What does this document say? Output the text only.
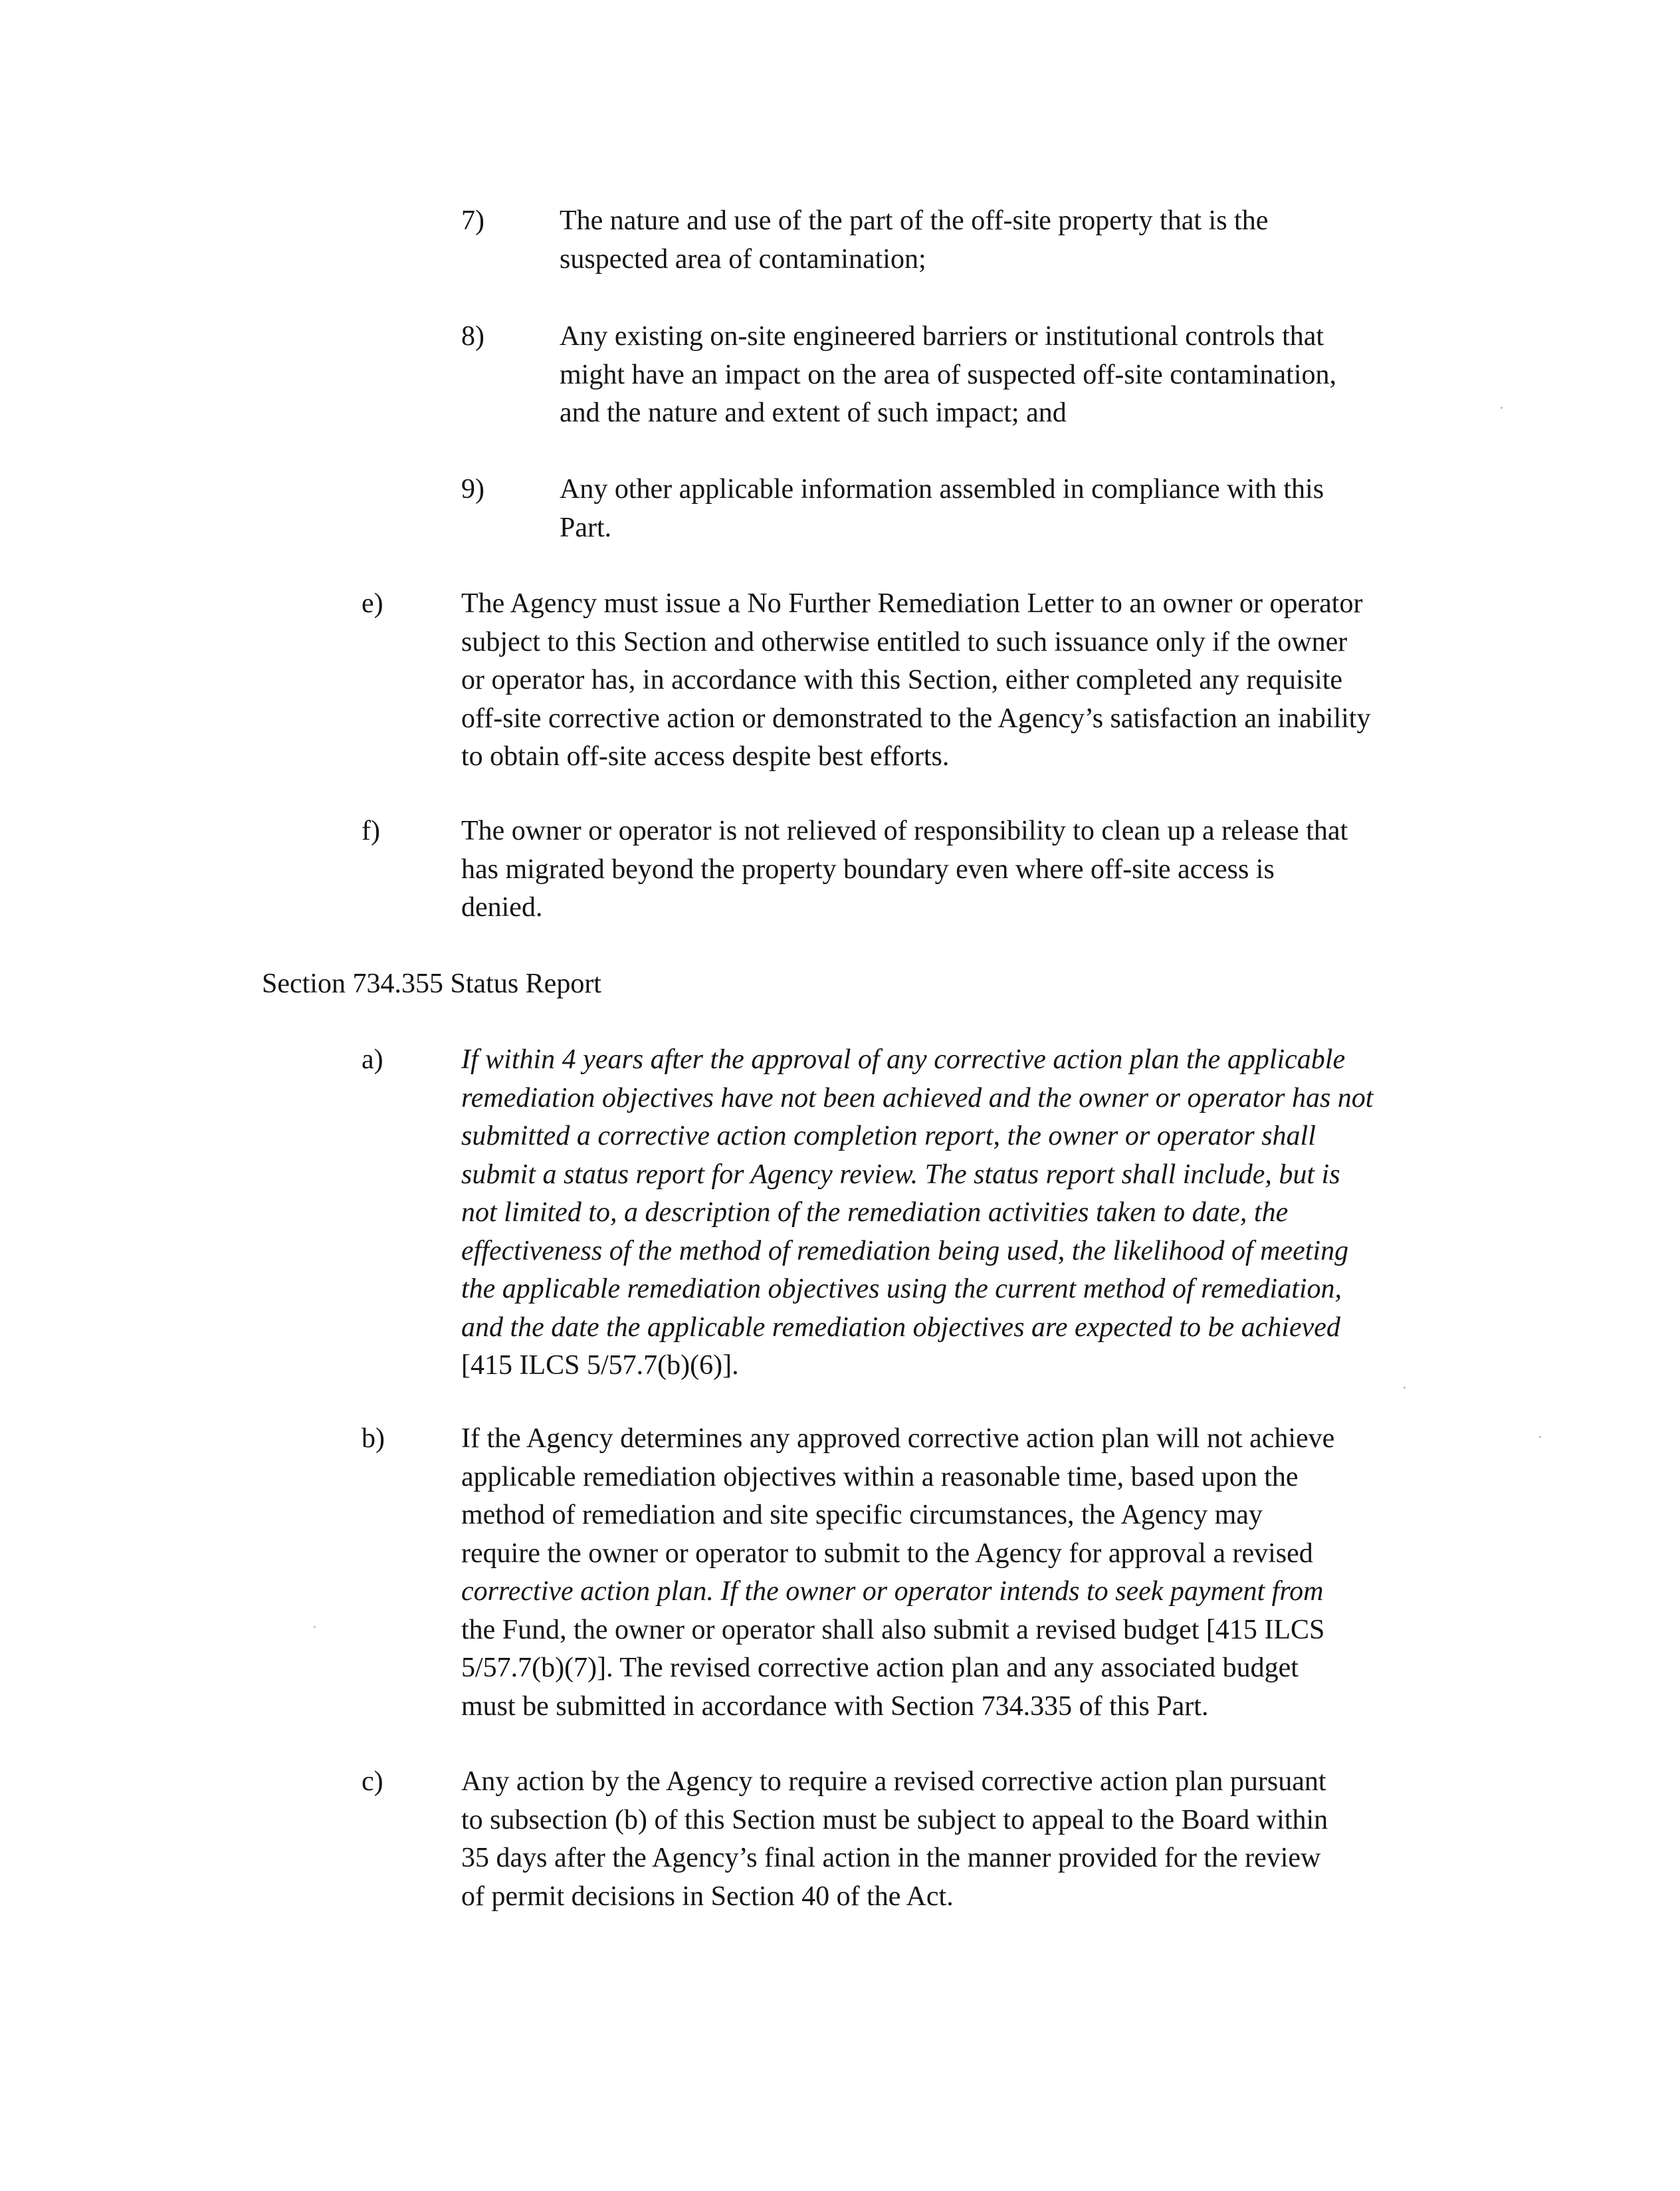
7)	The nature and use of the part of the off-site property that is the
suspected area of contamination;
8)	Any existing on-site engineered barriers or institutional controls that
might have an impact on the area of suspected off-site contamination,
and the nature and extent of such impact; and
9)	Any other applicable information assembled in compliance with this
Part.
e)	The Agency must issue a No Further Remediation Letter to an owner or operator
subject to this Section and otherwise entitled to such issuance only if the owner
or operator has, in accordance with this Section, either completed any requisite
off-site corrective action or demonstrated to the Agency’s satisfaction an inability
to obtain off-site access despite best efforts.
f)	The owner or operator is not relieved of responsibility to clean up a release that
has migrated beyond the property boundary even where off-site access is
denied.
Section 734.355 Status Report
a)	If within 4 years after the approval of any corrective action plan the applicable
remediation objectives have not been achieved and the owner or operator has not
submitted a corrective action completion report, the owner or operator shall
submit a status report for Agency review. The status report shall include, but is
not limited to, a description of the remediation activities taken to date, the
effectiveness of the method of remediation being used, the likelihood of meeting
the applicable remediation objectives using the current method of remediation,
and the date the applicable remediation objectives are expected to be achieved
[415 ILCS 5/57.7(b)(6)].
b)	If the Agency determines any approved corrective action plan will not achieve
applicable remediation objectives within a reasonable time, based upon the
method of remediation and site specific circumstances, the Agency may
require the owner or operator to submit to the Agency for approval a revised
corrective action plan. If the owner or operator intends to seek payment from
the Fund, the owner or operator shall also submit a revised budget [415 ILCS
5/57.7(b)(7)]. The revised corrective action plan and any associated budget
must be submitted in accordance with Section 734.335 of this Part.
c)	Any action by the Agency to require a revised corrective action plan pursuant
to subsection (b) of this Section must be subject to appeal to the Board within
35 days after the Agency’s final action in the manner provided for the review
of permit decisions in Section 40 of the Act.
